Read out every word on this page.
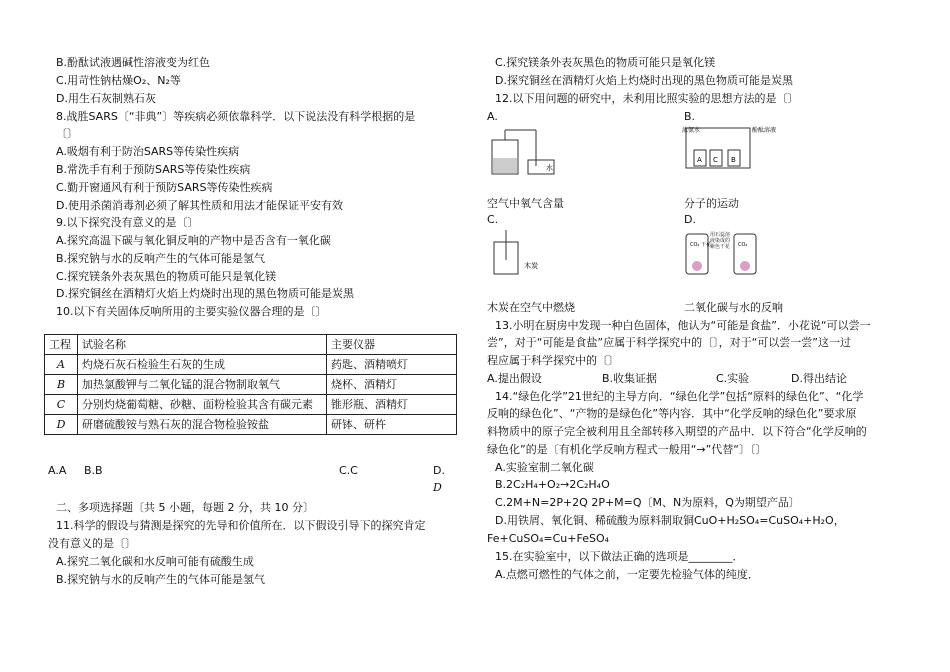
B.酚酞试液遇碱性溶液变为红色
C.用苛性钠枯燥O₂、N₂等
D.用生石灰制熟石灰
8.战胜SARS〔“非典”〕等疾病必须依靠科学．以下说法没有科学根据的是
〔〕
A.吸烟有利于防治SARS等传染性疾病
B.常洗手有利于预防SARS等传染性疾病
C.勤开窗通风有利于预防SARS等传染性疾病
D.使用杀菌消毒剂必须了解其性质和用法才能保证平安有效
9.以下探究没有意义的是〔〕
A.探究高温下碳与氧化铜反响的产物中是否含有一氧化碳
B.探究钠与水的反响产生的气体可能是氢气
C.探究镁条外表灰黑色的物质可能只是氧化镁
D.探究铜丝在酒精灯火焰上灼烧时出现的黑色物质可能是炭黑
10.以下有关固体反响所用的主要实验仪器合理的是〔〕
工程	试验名称	主要仪器
A	灼烧石灰石检验生石灰的生成	药匙、酒精喷灯
B	加热氯酸钾与二氧化锰的混合物制取氧气	烧杯、酒精灯
C	分别灼烧葡萄糖、砂糖、面粉检验其含有碳元素	锥形瓶、酒精灯
D	研磨硫酸铵与熟石灰的混合物检验铵盐	研钵、研杵
A.A B.B	C.C	D.
D
二、多项选择题〔共 5 小题，每题 2 分，共 10 分〕
11.科学的假设与猜测是探究的先导和价值所在．以下假设引导下的探究肯定
没有意义的是〔〕
A.探究二氧化碳和水反响可能有硫酸生成
B.探究钠与水的反响产生的气体可能是氢气
C.探究镁条外表灰黑色的物质可能只是氧化镁
D.探究铜丝在酒精灯火焰上灼烧时出现的黑色物质可能是炭黑
12.以下用问题的研究中，未利用比照实验的思想方法的是〔〕
A.	B.
水
A C B
浓氨水	酚酞溶液
空气中氧气含量	分子的运动
C.	D.
木炭
CO₂ 干花
用石蕊溶液染成的紫色干花	CO₂
木炭在空气中燃烧	二氧化碳与水的反响
13.小明在厨房中发现一种白色固体，他认为“可能是食盐”．小花说“可以尝一
尝”，对于“可能是食盐”应属于科学探究中的〔〕，对于“可以尝一尝”这一过
程应属于科学探究中的〔〕
A.提出假设	B.收集证据	C.实验	D.得出结论
14.“绿色化学”21世纪的主导方向．“绿色化学”包括“原料的绿色化”、“化学
反响的绿色化”、“产物的是绿色化”等内容．其中“化学反响的绿色化”要求原
料物质中的原子完全被利用且全部转移入期望的产品中．以下符合“化学反响的
绿色化”的是〔有机化学反响方程式一般用“→”代替“〕〔〕
A.实验室制二氧化碳
B.2C₂H₄+O₂→2C₂H₄O
C.2M+N=2P+2Q 2P+M=Q〔M、N为原料，Q为期望产品〕
D.用铁屑、氧化铜、稀硫酸为原料制取铜CuO+H₂SO₄=CuSO₄+H₂O，
Fe+CuSO₄=Cu+FeSO₄
15.在实验室中，以下做法正确的选项是________．
A.点燃可燃性的气体之前，一定要先检验气体的纯度．
